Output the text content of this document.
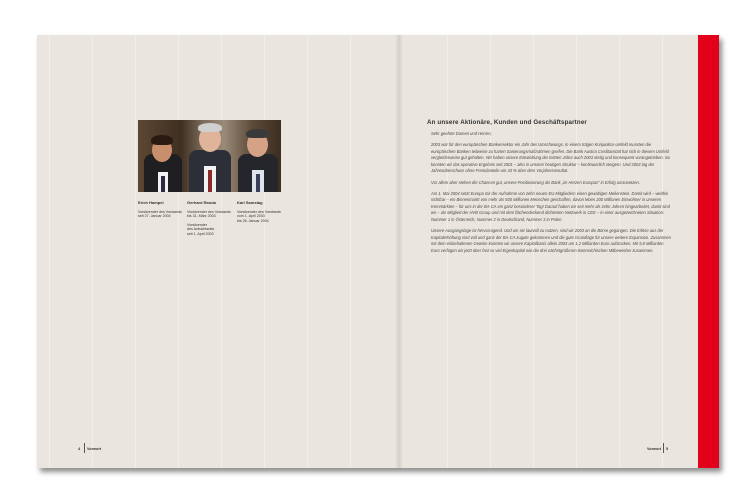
Erich Hampel
Vorsitzender des Vorstands
seit 27. Januar 2004
Gerhard Randa
Vorsitzender des Vorstands
bis 31. März 2003
Vorsitzender
des Aufsichtsrats
seit 1. April 2003
Karl Samstag
Vorsitzender des Vorstands
vom 1. April 2003
bis 26. Januar 2004
An unsere Aktionäre, Kunden und Geschäftspartner

Sehr geehrte Damen und Herren,

2003 war für den europäischen Bankensektor ein Jahr des Umschwungs. In einem trägen Konjunktur-umfeld mussten die europäischen Banken teilweise zu harten Sanierungsmaßnahmen greifen. Die Bank Austria Creditanstalt hat sich in diesem Umfeld vergleichsweise gut gehalten. Wir haben unsere Entwicklung der letzten Jahre auch 2003 stetig und konsequent vorangetrieben. So konnten wir das operative Ergebnis seit 2001 – also in unserer heutigen Struktur – kontinuierlich steigern. Und 2003 lag der Jahresüberschuss ohne Fremdanteile um 43 % über dem Vorjahresresultat.

Vor allem aber stehen die Chancen gut, unsere Positionierung als Bank „im Herzen Europas“ in Erfolg umzusetzen.

Am 1. Mai 2004 setzt Europa mit der Aufnahme von zehn neuen EU-Mitgliedern einen gewaltigen Meilenstein. Damit wird – weithin sichtbar – ein Binnenmarkt von mehr als 500 Millionen Menschen geschaffen, davon leben 200 Millionen Einwohner in unseren Kernmärkten – für uns in der BA-CA ein ganz besonderer Tag! Darauf haben wir seit mehr als zehn Jahren hingearbeitet, damit sind wir – als Mitglied der HVB Group und mit dem flächendeckend dichtesten Netzwerk in CEE – in einer ausgezeichneten Situation: Nummer 1 in Österreich, Nummer 2 in Deutschland, Nummer 3 in Polen.

Unsere Ausgangslage ist hervorragend. Und um sie lautvoll zu nutzen, sind wir 2003 an die Börse gegangen. Die Erlöse aus der Kapitalerhöhung sind voll und ganz der BA-CA zugute gekommen und die gute Grundlage für unsere weitere Expansion. Zusammen mit dem einbehaltenen Gewinn konnten wir unsere Kapitalbasis allein 2003 um 1,2 Milliarden Euro aufstocken. Mit 5,8 Milliarden Euro verfügen wir jetzt über fast so viel Eigenkapital wie die drei nächstgrößeren österreichischen Mitbewerber zusammen.

4 Vorwort	Vorwort 5
